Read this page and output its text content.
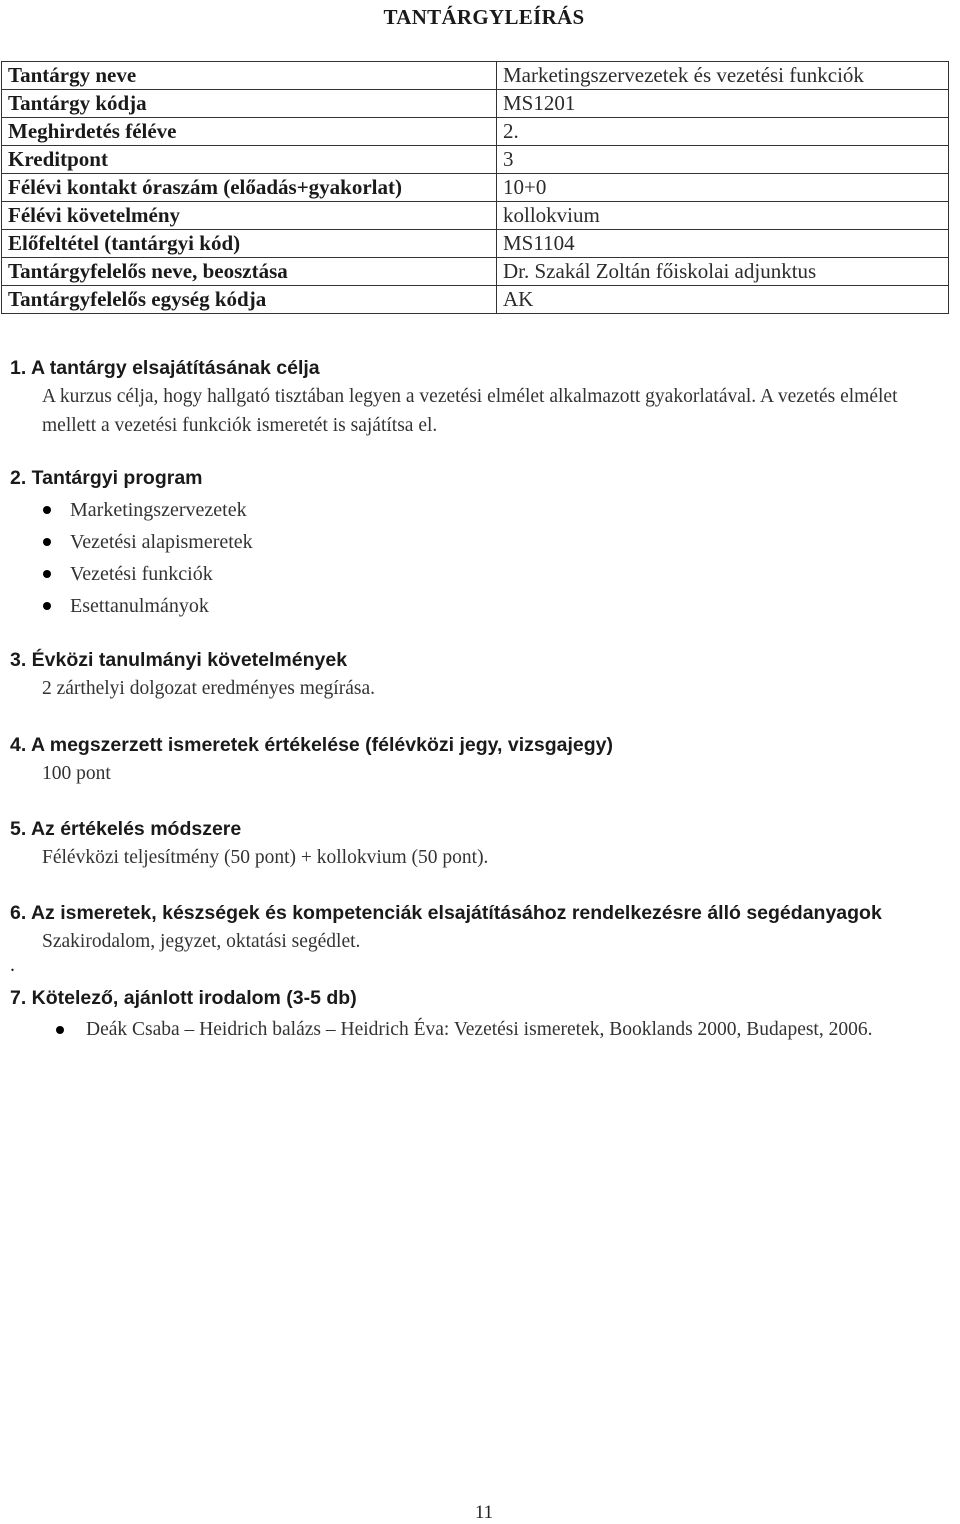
TANTÁRGYLEÍRÁS
Tantárgy neve	Marketingszervezetek és vezetési funkciók
Tantárgy kódja	MS1201
Meghirdetés féléve	2.
Kreditpont	3
Félévi kontakt óraszám (előadás+gyakorlat)	10+0
Félévi követelmény	kollokvium
Előfeltétel (tantárgyi kód)	MS1104
Tantárgyfelelős neve, beosztása	Dr. Szakál Zoltán főiskolai adjunktus
Tantárgyfelelős egység kódja	AK
1. A tantárgy elsajátításának célja
A kurzus célja, hogy hallgató tisztában legyen a vezetési elmélet alkalmazott gyakorlatával. A vezetés elmélet mellett a vezetési funkciók ismeretét is sajátítsa el.
2. Tantárgyi program
Marketingszervezetek
Vezetési alapismeretek
Vezetési funkciók
Esettanulmányok
3. Évközi tanulmányi követelmények
2 zárthelyi dolgozat eredményes megírása.
4. A megszerzett ismeretek értékelése (félévközi jegy, vizsgajegy)
100 pont
5. Az értékelés módszere
Félévközi teljesítmény (50 pont) + kollokvium (50 pont).
6. Az ismeretek, készségek és kompetenciák elsajátításához rendelkezésre álló segédanyagok
Szakirodalom, jegyzet, oktatási segédlet.
.
7. Kötelező, ajánlott irodalom (3-5 db)
Deák Csaba – Heidrich balázs – Heidrich Éva: Vezetési ismeretek, Booklands 2000, Budapest, 2006.
11
